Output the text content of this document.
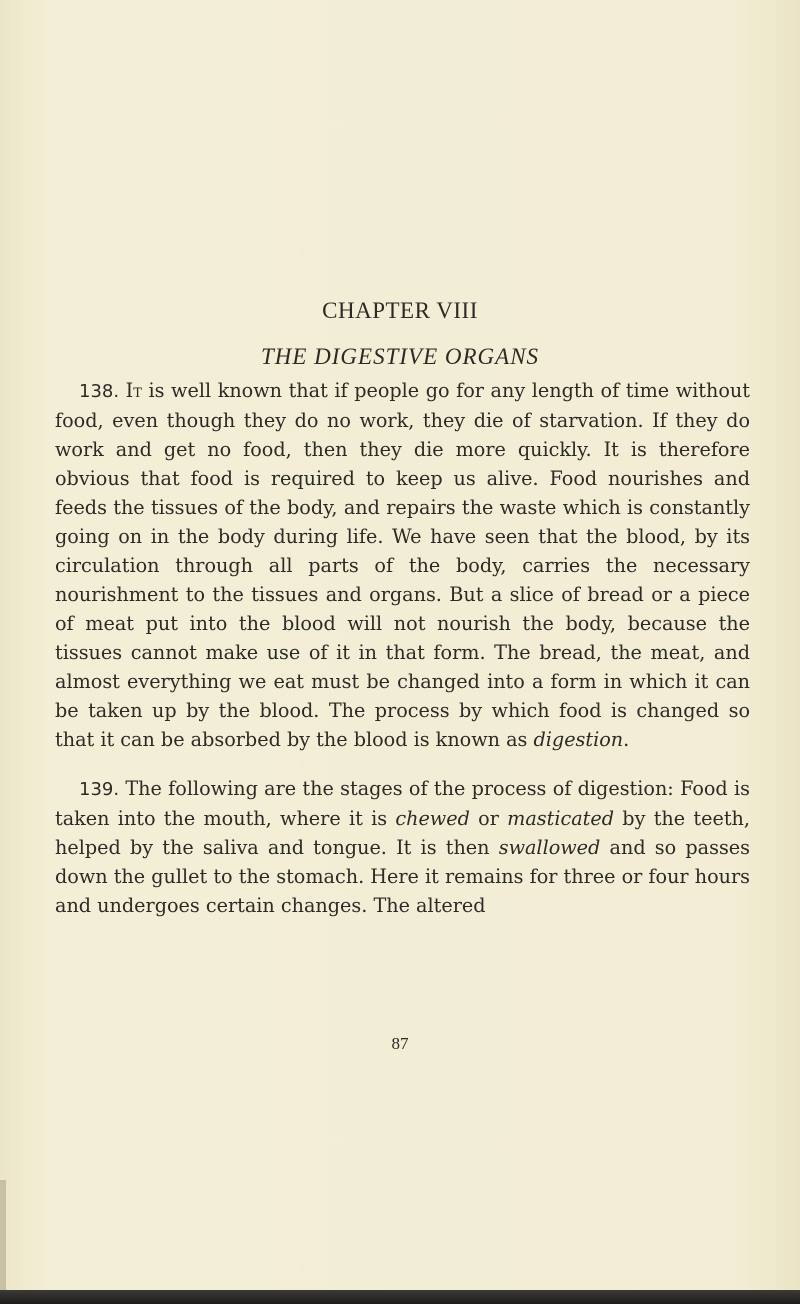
CHAPTER VIII
THE DIGESTIVE ORGANS

138. It is well known that if people go for any length of time without food, even though they do no work, they die of starvation. If they do work and get no food, then they die more quickly. It is therefore obvious that food is required to keep us alive. Food nourishes and feeds the tissues of the body, and repairs the waste which is constantly going on in the body during life. We have seen that the blood, by its circulation through all parts of the body, carries the necessary nourishment to the tissues and organs. But a slice of bread or a piece of meat put into the blood will not nourish the body, because the tissues cannot make use of it in that form. The bread, the meat, and almost everything we eat must be changed into a form in which it can be taken up by the blood. The process by which food is changed so that it can be absorbed by the blood is known as digestion.

139. The following are the stages of the process of digestion: Food is taken into the mouth, where it is chewed or masticated by the teeth, helped by the saliva and tongue. It is then swallowed and so passes down the gullet to the stomach. Here it remains for three or four hours and undergoes certain changes. The altered

87
